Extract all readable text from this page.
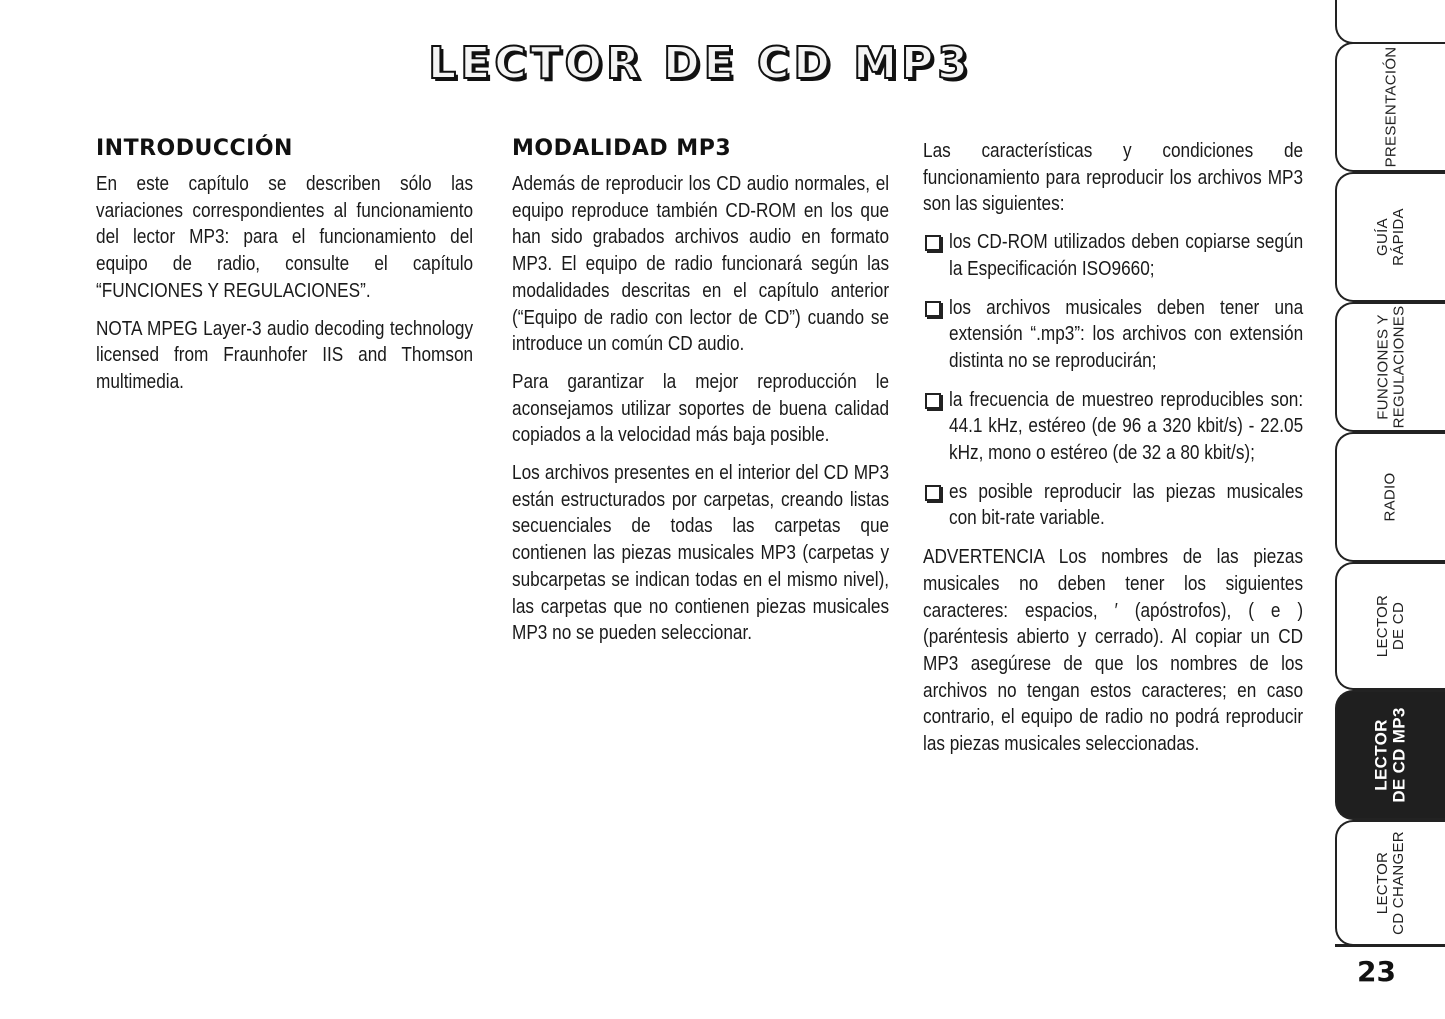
LECTOR DE CD MP3
INTRODUCCIÓN

En este capítulo se describen sólo las variaciones correspondientes al funcionamiento del lector MP3: para el funcionamiento del equipo de radio, consulte el capítulo “FUNCIONES Y REGULACIONES”.

NOTA MPEG Layer-3 audio decoding technology licensed from Fraunhofer IIS and Thomson multimedia.

MODALIDAD MP3

Además de reproducir los CD audio normales, el equipo reproduce también CD-ROM en los que han sido grabados archivos audio en formato MP3. El equipo de radio funcionará según las modalidades descritas en el capítulo anterior (“Equipo de radio con lector de CD”) cuando se introduce un común CD audio.

Para garantizar la mejor reproducción le aconsejamos utilizar soportes de buena calidad copiados a la velocidad más baja posible.

Los archivos presentes en el interior del CD MP3 están estructurados por carpetas, creando listas secuenciales de todas las carpetas que contienen las piezas musicales MP3 (carpetas y subcarpetas se indican todas en el mismo nivel), las carpetas que no contienen piezas musicales MP3 no se pueden seleccionar.

Las características y condiciones de funcionamiento para reproducir los archivos MP3 son las siguientes:

los CD-ROM utilizados deben copiarse según la Especificación ISO9660;
los archivos musicales deben tener una extensión “.mp3”: los archivos con extensión distinta no se reproducirán;
la frecuencia de muestreo reproducibles son: 44.1 kHz, estéreo (de 96 a 320 kbit/s) - 22.05 kHz, mono o estéreo (de 32 a 80 kbit/s);
es posible reproducir las piezas musicales con bit-rate variable.

ADVERTENCIA Los nombres de las piezas musicales no deben tener los siguientes caracteres: espacios, ′ (apóstrofos), ( e ) (paréntesis abierto y cerrado). Al copiar un CD MP3 asegúrese de que los nombres de los archivos no tengan estos caracteres; en caso contrario, el equipo de radio no podrá reproducir las piezas musicales seleccionadas.

PRESENTACIÓN
GUÍA
RÁPIDA
FUNCIONES Y
REGULACIONES
RADIO
LECTOR
DE CD
LECTOR
DE CD MP3
LECTOR
CD CHANGER
23
